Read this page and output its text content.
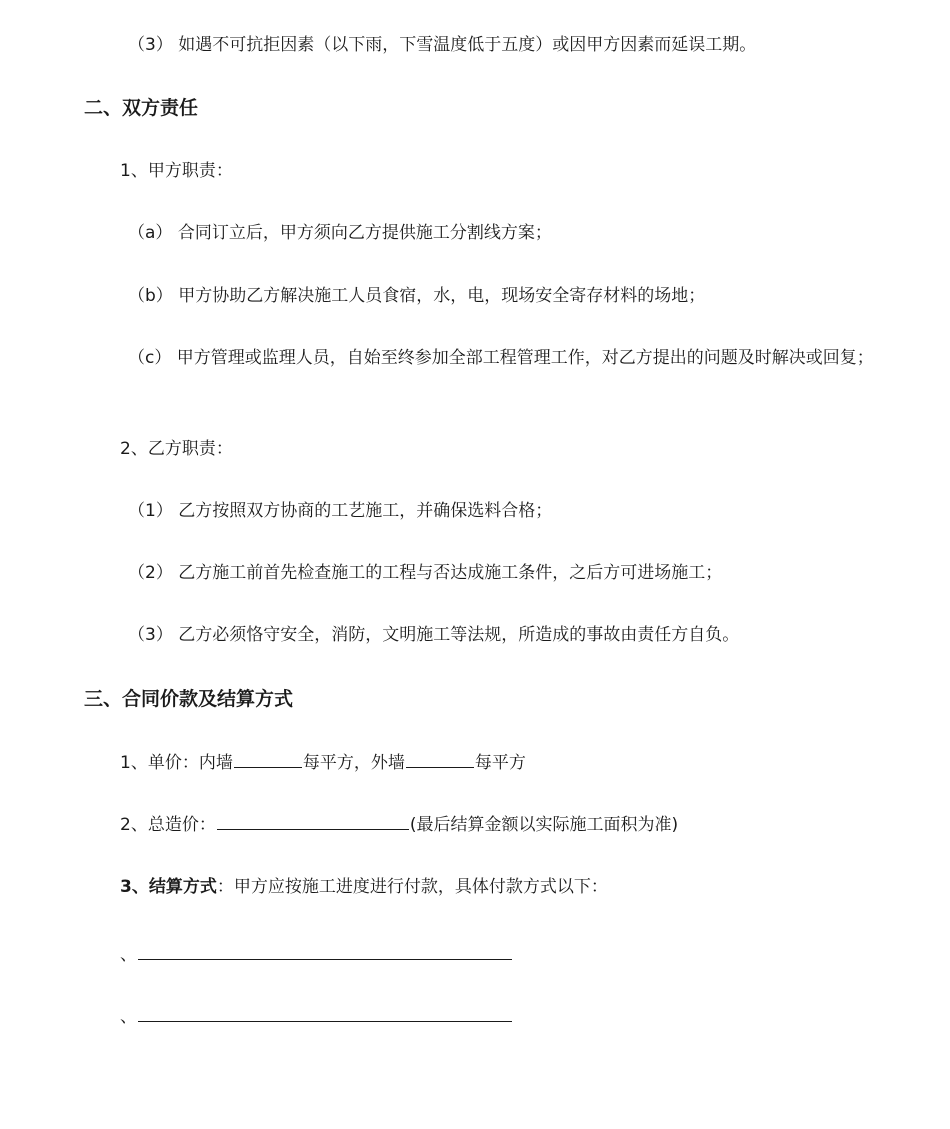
（3） 如遇不可抗拒因素（以下雨，下雪温度低于五度）或因甲方因素而延误工期。
二、双方责任
1、甲方职责：
（a） 合同订立后，甲方须向乙方提供施工分割线方案；
（b） 甲方协助乙方解决施工人员食宿，水，电，现场安全寄存材料的场地；
（c） 甲方管理或监理人员，自始至终参加全部工程管理工作，对乙方提出的问题及时解决或回复；
2、乙方职责：
（1） 乙方按照双方协商的工艺施工，并确保选料合格；
（2） 乙方施工前首先检查施工的工程与否达成施工条件，之后方可进场施工；
（3） 乙方必须恪守安全，消防，文明施工等法规，所造成的事故由责任方自负。
三、合同价款及结算方式
1、单价：内墙	每平方，外墙	每平方
2、总造价：	(最后结算金额以实际施工面积为准)
3、结算方式：甲方应按施工进度进行付款，具体付款方式以下：
、
、
